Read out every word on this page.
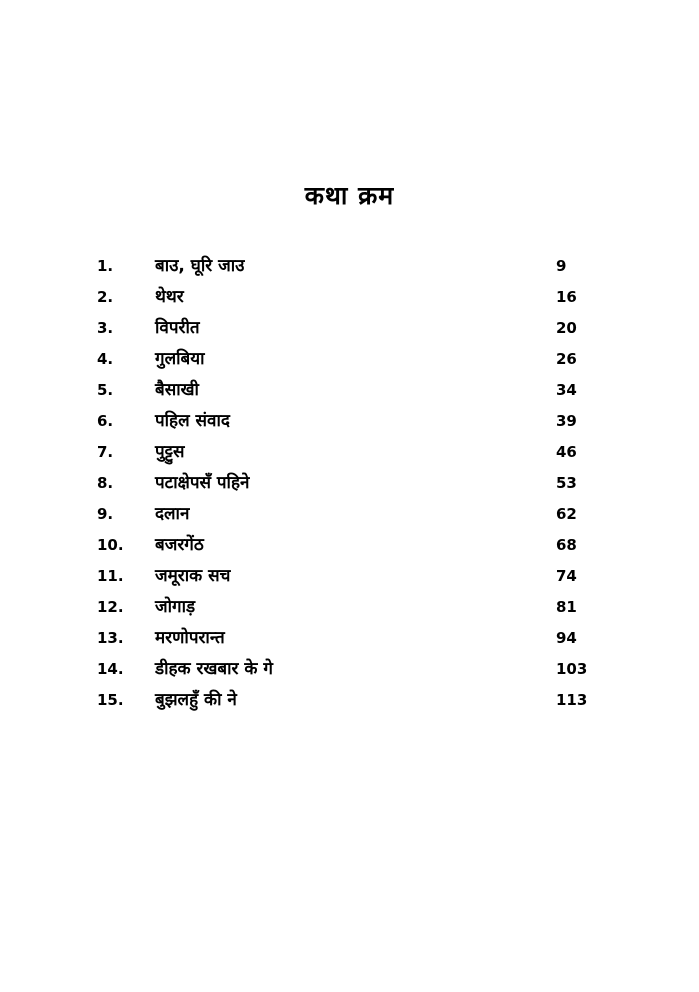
कथा क्रम
1.	बाउ, घूरि जाउ	9
2.	थेथर	16
3.	विपरीत	20
4.	गुलबिया	26
5.	बैसाखी	34
6.	पहिल संवाद	39
7.	पुट्टुस	46
8.	पटाक्षेपसँ पहिने	53
9.	दलान	62
10.	बजरगेंठ	68
11.	जमूराक सच	74
12.	जोगाड़	81
13.	मरणोपरान्त	94
14.	डीहक रखबार के गे	103
15.	बुझलहुँ की ने	113
